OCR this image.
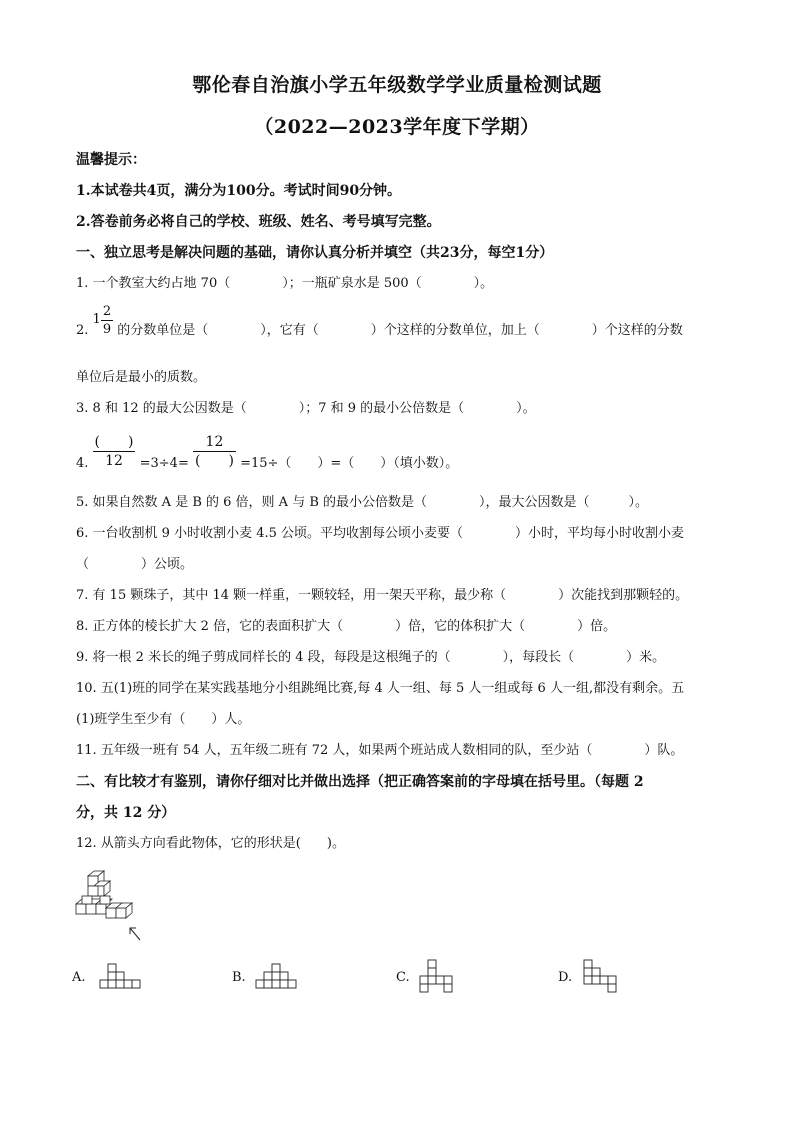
鄂伦春自治旗小学五年级数学学业质量检测试题
（2022—2023学年度下学期）
温馨提示：
1.本试卷共4页，满分为100分。考试时间90分钟。
2.答卷前务必将自己的学校、班级、姓名、考号填写完整。
一、独立思考是解决问题的基础，请你认真分析并填空（共23分，每空1分）
1. 一个教室大约占地 70（　　　　）；一瓶矿泉水是 500（　　　　）。
2. $1 \frac{2}{9}$ 的分数单位是（　　　　），它有（　　　　）个这样的分数单位，加上（　　　　）个这样的分数
单位后是最小的质数。
3. 8 和 12 的最大公因数是（　　　　）；7 和 9 的最小公倍数是（　　　　）。
4. $\frac{( )}{12} =3\div 4= \frac{12}{( )} =15\div$（　　）=（　　）（填小数）。
5. 如果自然数 A 是 B 的 6 倍，则 A 与 B 的最小公倍数是（　　　　），最大公因数是（　　　）。
6. 一台收割机 9 小时收割小麦 4.5 公顷。平均收割每公顷小麦要（　　　　）小时，平均每小时收割小麦
（　　　　）公顷。
7. 有 15 颗珠子，其中 14 颗一样重，一颗较轻，用一架天平称，最少称（　　　　）次能找到那颗轻的。
8. 正方体的棱长扩大 2 倍，它的表面积扩大（　　　　）倍，它的体积扩大（　　　　）倍。
9. 将一根 2 米长的绳子剪成同样长的 4 段，每段是这根绳子的（　　　　），每段长（　　　　）米。
10. 五(1)班的同学在某实践基地分小组跳绳比赛,每 4 人一组、每 5 人一组或每 6 人一组,都没有剩余。五
(1)班学生至少有（　　）人。
11. 五年级一班有 54 人，五年级二班有 72 人，如果两个班站成人数相同的队，至少站（　　　　）队。
二、有比较才有鉴别，请你仔细对比并做出选择（把正确答案前的字母填在括号里。（每题 2
分，共 12 分）
12. 从箭头方向看此物体，它的形状是(　　)。
A.	B.	C.	D.
